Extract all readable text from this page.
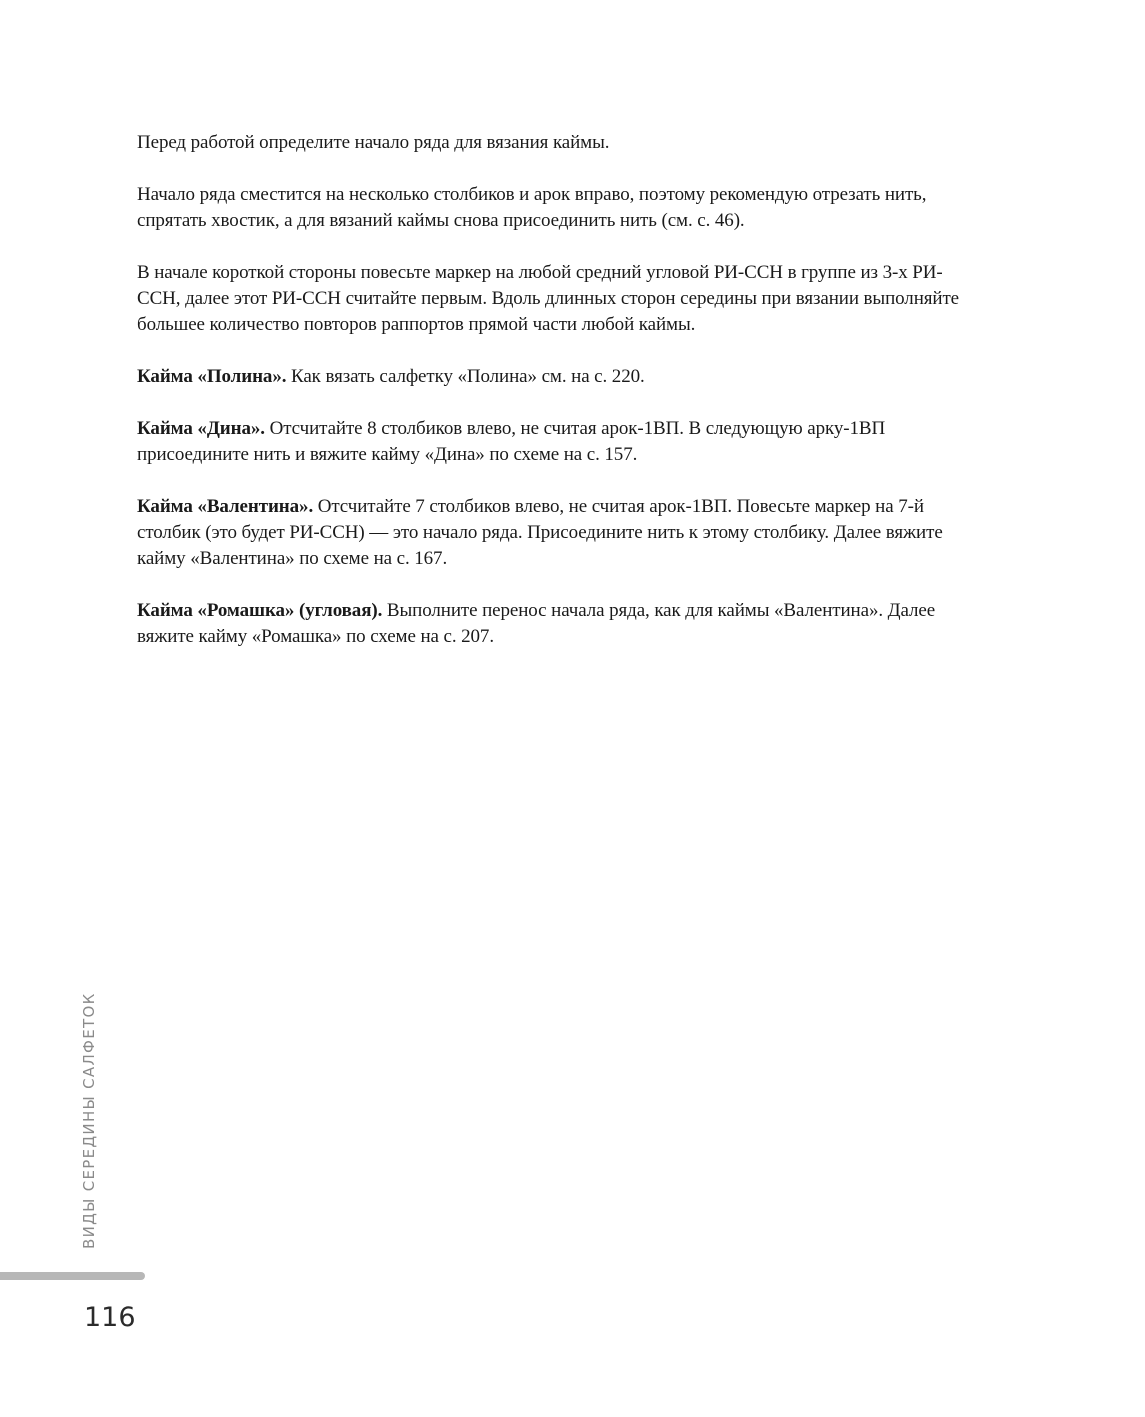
Перед работой определите начало ряда для вязания каймы.

Начало ряда сместится на несколько столбиков и арок вправо, поэтому рекомендую отрезать нить, спрятать хвостик, а для вязаний каймы снова присоединить нить (см. с. 46).

В начале короткой стороны повесьте маркер на любой средний угловой РИ-ССН в группе из 3-х РИ-ССН, далее этот РИ-ССН считайте первым. Вдоль длинных сторон середины при вязании выполняйте большее количество повторов раппортов прямой части любой каймы.

Кайма «Полина». Как вязать салфетку «Полина» см. на с. 220.

Кайма «Дина». Отсчитайте 8 столбиков влево, не считая арок-1ВП. В следующую арку-1ВП присоедините нить и вяжите кайму «Дина» по схеме на с. 157.

Кайма «Валентина». Отсчитайте 7 столбиков влево, не считая арок-1ВП. Повесьте маркер на 7-й столбик (это будет РИ-ССН) — это начало ряда. Присоедините нить к этому столбику. Далее вяжите кайму «Валентина» по схеме на с. 167.

Кайма «Ромашка» (угловая). Выполните перенос начала ряда, как для каймы «Валентина». Далее вяжите кайму «Ромашка» по схеме на с. 207.

ВИДЫ СЕРЕДИНЫ САЛФЕТОК
116
